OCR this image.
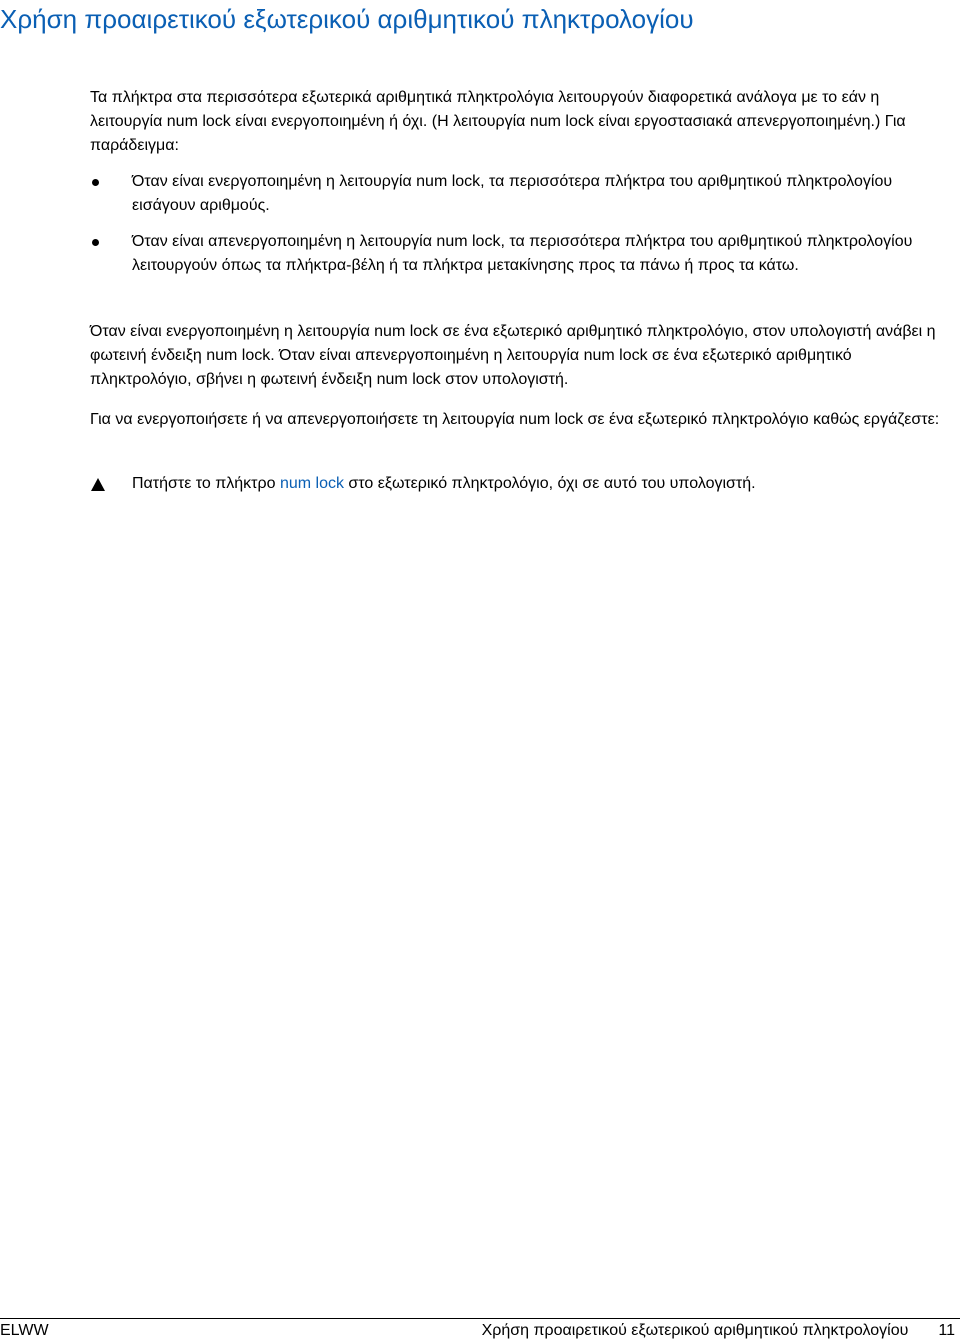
Χρήση προαιρετικού εξωτερικού αριθμητικού πληκτρολογίου

Τα πλήκτρα στα περισσότερα εξωτερικά αριθμητικά πληκτρολόγια λειτουργούν διαφορετικά ανάλογα με το εάν η λειτουργία num lock είναι ενεργοποιημένη ή όχι. (Η λειτουργία num lock είναι εργοστασιακά απενεργοποιημένη.) Για παράδειγμα:

Όταν είναι ενεργοποιημένη η λειτουργία num lock, τα περισσότερα πλήκτρα του αριθμητικού πληκτρολογίου εισάγουν αριθμούς.
Όταν είναι απενεργοποιημένη η λειτουργία num lock, τα περισσότερα πλήκτρα του αριθμητικού πληκτρολογίου λειτουργούν όπως τα πλήκτρα-βέλη ή τα πλήκτρα μετακίνησης προς τα πάνω ή προς τα κάτω.

Όταν είναι ενεργοποιημένη η λειτουργία num lock σε ένα εξωτερικό αριθμητικό πληκτρολόγιο, στον υπολογιστή ανάβει η φωτεινή ένδειξη num lock. Όταν είναι απενεργοποιημένη η λειτουργία num lock σε ένα εξωτερικό αριθμητικό πληκτρολόγιο, σβήνει η φωτεινή ένδειξη num lock στον υπολογιστή.

Για να ενεργοποιήσετε ή να απενεργοποιήσετε τη λειτουργία num lock σε ένα εξωτερικό πληκτρολόγιο καθώς εργάζεστε:

Πατήστε το πλήκτρο num lock στο εξωτερικό πληκτρολόγιο, όχι σε αυτό του υπολογιστή.
ELWW	Χρήση προαιρετικού εξωτερικού αριθμητικού πληκτρολογίου 11
